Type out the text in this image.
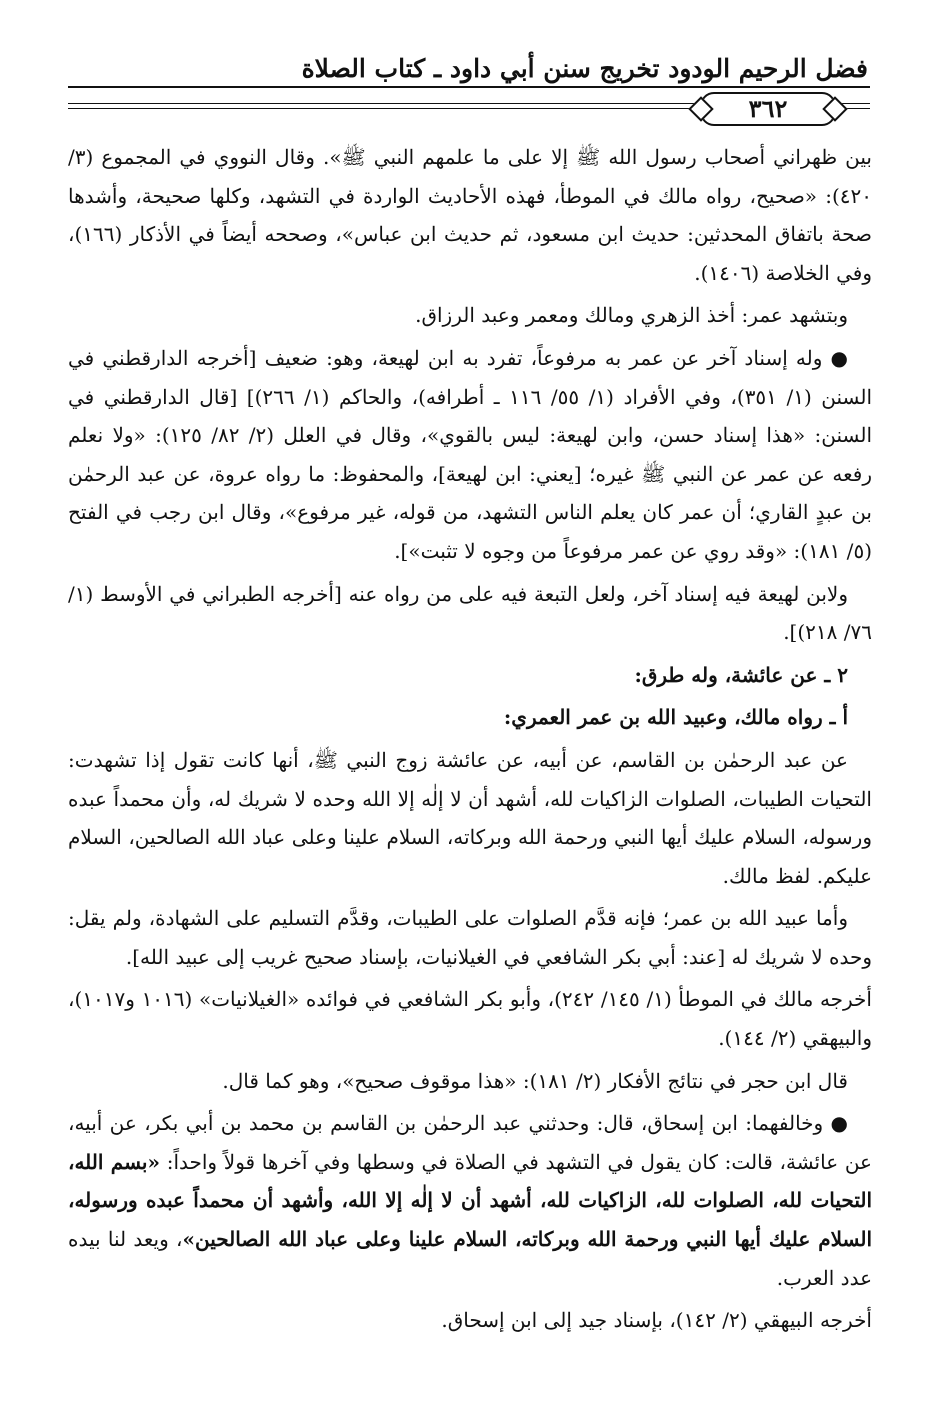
فضل الرحيم الودود تخريج سنن أبي داود ـ كتاب الصلاة
٣٦٢

بين ظهراني أصحاب رسول الله ﷺ إلا على ما علمهم النبي ﷺ». وقال النووي في المجموع (٣/ ٤٢٠): «صحيح، رواه مالك في الموطأ، فهذه الأحاديث الواردة في التشهد، وكلها صحيحة، وأشدها صحة باتفاق المحدثين: حديث ابن مسعود، ثم حديث ابن عباس»، وصححه أيضاً في الأذكار (١٦٦)، وفي الخلاصة (١٤٠٦).

وبتشهد عمر: أخذ الزهري ومالك ومعمر وعبد الرزاق.

● وله إسناد آخر عن عمر به مرفوعاً، تفرد به ابن لهيعة، وهو: ضعيف [أخرجه الدارقطني في السنن (١/ ٣٥١)، وفي الأفراد (١/ ٥٥/ ١١٦ ـ أطرافه)، والحاكم (١/ ٢٦٦)] [قال الدارقطني في السنن: «هذا إسناد حسن، وابن لهيعة: ليس بالقوي»، وقال في العلل (٢/ ٨٢/ ١٢٥): «ولا نعلم رفعه عن عمر عن النبي ﷺ غيره؛ [يعني: ابن لهيعة]، والمحفوظ: ما رواه عروة، عن عبد الرحمٰن بن عبدٍ القاري؛ أن عمر كان يعلم الناس التشهد، من قوله، غير مرفوع»، وقال ابن رجب في الفتح (٥/ ١٨١): «وقد روي عن عمر مرفوعاً من وجوه لا تثبت»].

ولابن لهيعة فيه إسناد آخر، ولعل التبعة فيه على من رواه عنه [أخرجه الطبراني في الأوسط (١/ ٧٦/ ٢١٨)].

٢ ـ عن عائشة، وله طرق:

أ ـ رواه مالك، وعبيد الله بن عمر العمري:

عن عبد الرحمٰن بن القاسم، عن أبيه، عن عائشة زوج النبي ﷺ، أنها كانت تقول إذا تشهدت: التحيات الطيبات، الصلوات الزاكيات لله، أشهد أن لا إلٰه إلا الله وحده لا شريك له، وأن محمداً عبده ورسوله، السلام عليك أيها النبي ورحمة الله وبركاته، السلام علينا وعلى عباد الله الصالحين، السلام عليكم. لفظ مالك.

وأما عبيد الله بن عمر؛ فإنه قدَّم الصلوات على الطيبات، وقدَّم التسليم على الشهادة، ولم يقل: وحده لا شريك له [عند: أبي بكر الشافعي في الغيلانيات، بإسناد صحيح غريب إلى عبيد الله].

أخرجه مالك في الموطأ (١/ ١٤٥/ ٢٤٢)، وأبو بكر الشافعي في فوائده «الغيلانيات» (١٠١٦ و١٠١٧)، والبيهقي (٢/ ١٤٤).

قال ابن حجر في نتائج الأفكار (٢/ ١٨١): «هذا موقوف صحيح»، وهو كما قال.

● وخالفهما: ابن إسحاق، قال: وحدثني عبد الرحمٰن بن القاسم بن محمد بن أبي بكر، عن أبيه، عن عائشة، قالت: كان يقول في التشهد في الصلاة في وسطها وفي آخرها قولاً واحداً: «بسم الله، التحيات لله، الصلوات لله، الزاكيات لله، أشهد أن لا إلٰه إلا الله، وأشهد أن محمداً عبده ورسوله، السلام عليك أيها النبي ورحمة الله وبركاته، السلام علينا وعلى عباد الله الصالحين»، ويعد لنا بيده عدد العرب.

أخرجه البيهقي (٢/ ١٤٢)، بإسناد جيد إلى ابن إسحاق.
